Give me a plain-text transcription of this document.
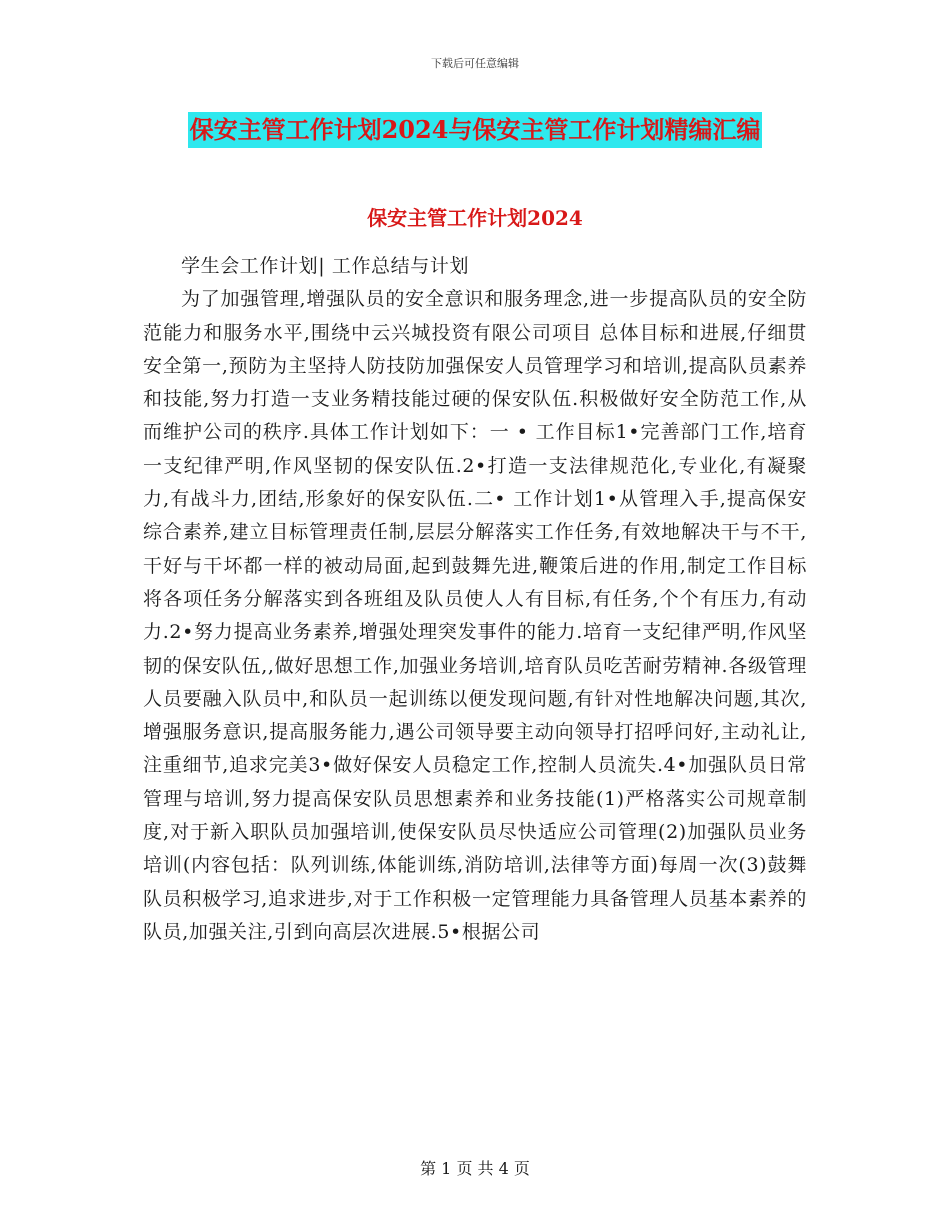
下载后可任意编辑
保安主管工作计划2024与保安主管工作计划精编汇编
保安主管工作计划2024

学生会工作计划| 工作总结与计划

为了加强管理,增强队员的安全意识和服务理念,进一步提高队员的安全防范能力和服务水平,围绕中云兴城投资有限公司项目 总体目标和进展,仔细贯安全第一,预防为主坚持人防技防加强保安人员管理学习和培训,提高队员素养和技能,努力打造一支业务精技能过硬的保安队伍.积极做好安全防范工作,从而维护公司的秩序.具体工作计划如下：一 • 工作目标1•完善部门工作,培育一支纪律严明,作风坚韧的保安队伍.2•打造一支法律规范化,专业化,有凝聚力,有战斗力,团结,形象好的保安队伍.二• 工作计划1•从管理入手,提高保安综合素养,建立目标管理责任制,层层分解落实工作任务,有效地解决干与不干,干好与干坏都一样的被动局面,起到鼓舞先进,鞭策后进的作用,制定工作目标将各项任务分解落实到各班组及队员使人人有目标,有任务,个个有压力,有动力.2•努力提高业务素养,增强处理突发事件的能力.培育一支纪律严明,作风坚韧的保安队伍,,做好思想工作,加强业务培训,培育队员吃苦耐劳精神.各级管理人员要融入队员中,和队员一起训练以便发现问题,有针对性地解决问题,其次,增强服务意识,提高服务能力,遇公司领导要主动向领导打招呼问好,主动礼让,注重细节,追求完美3•做好保安人员稳定工作,控制人员流失.4•加强队员日常管理与培训,努力提高保安队员思想素养和业务技能(1)严格落实公司规章制度,对于新入职队员加强培训,使保安队员尽快适应公司管理(2)加强队员业务培训(内容包括：队列训练,体能训练,消防培训,法律等方面)每周一次(3)鼓舞队员积极学习,追求进步,对于工作积极一定管理能力具备管理人员基本素养的队员,加强关注,引到向高层次进展.5•根据公司

第 1 页 共 4 页
